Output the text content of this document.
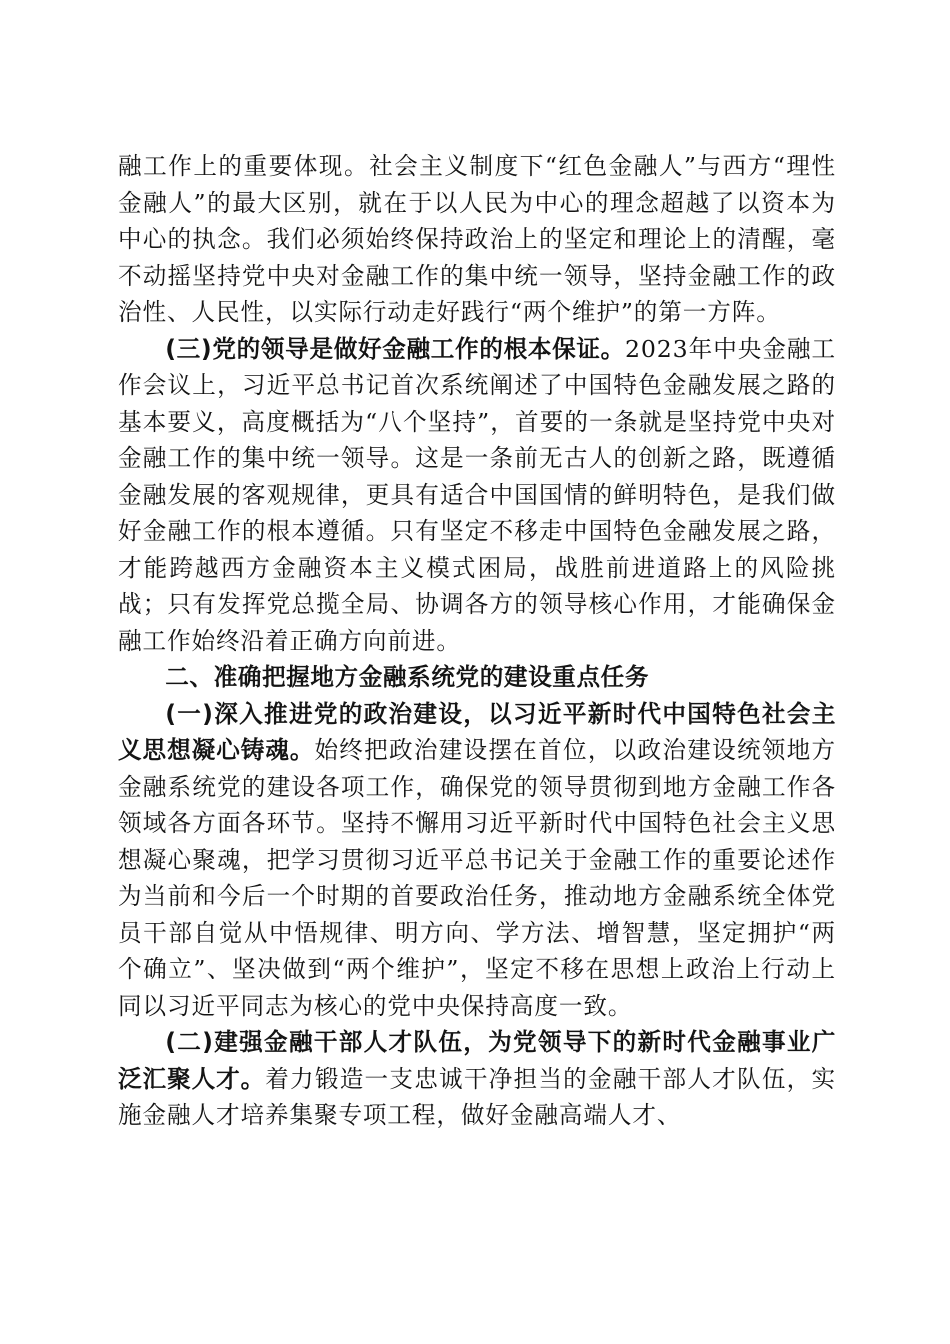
融工作上的重要体现。社会主义制度下“红色金融人”与西方“理性金融人”的最大区别，就在于以人民为中心的理念超越了以资本为中心的执念。我们必须始终保持政治上的坚定和理论上的清醒，毫不动摇坚持党中央对金融工作的集中统一领导，坚持金融工作的政治性、人民性，以实际行动走好践行“两个维护”的第一方阵。

(三)党的领导是做好金融工作的根本保证。2023年中央金融工作会议上，习近平总书记首次系统阐述了中国特色金融发展之路的基本要义，高度概括为“八个坚持”，首要的一条就是坚持党中央对金融工作的集中统一领导。这是一条前无古人的创新之路，既遵循金融发展的客观规律，更具有适合中国国情的鲜明特色，是我们做好金融工作的根本遵循。只有坚定不移走中国特色金融发展之路，才能跨越西方金融资本主义模式困局，战胜前进道路上的风险挑战；只有发挥党总揽全局、协调各方的领导核心作用，才能确保金融工作始终沿着正确方向前进。

二、准确把握地方金融系统党的建设重点任务

(一)深入推进党的政治建设，以习近平新时代中国特色社会主义思想凝心铸魂。始终把政治建设摆在首位，以政治建设统领地方金融系统党的建设各项工作，确保党的领导贯彻到地方金融工作各领域各方面各环节。坚持不懈用习近平新时代中国特色社会主义思想凝心聚魂，把学习贯彻习近平总书记关于金融工作的重要论述作为当前和今后一个时期的首要政治任务，推动地方金融系统全体党员干部自觉从中悟规律、明方向、学方法、增智慧，坚定拥护“两个确立”、坚决做到“两个维护”，坚定不移在思想上政治上行动上同以习近平同志为核心的党中央保持高度一致。

(二)建强金融干部人才队伍，为党领导下的新时代金融事业广泛汇聚人才。着力锻造一支忠诚干净担当的金融干部人才队伍，实施金融人才培养集聚专项工程，做好金融高端人才、
